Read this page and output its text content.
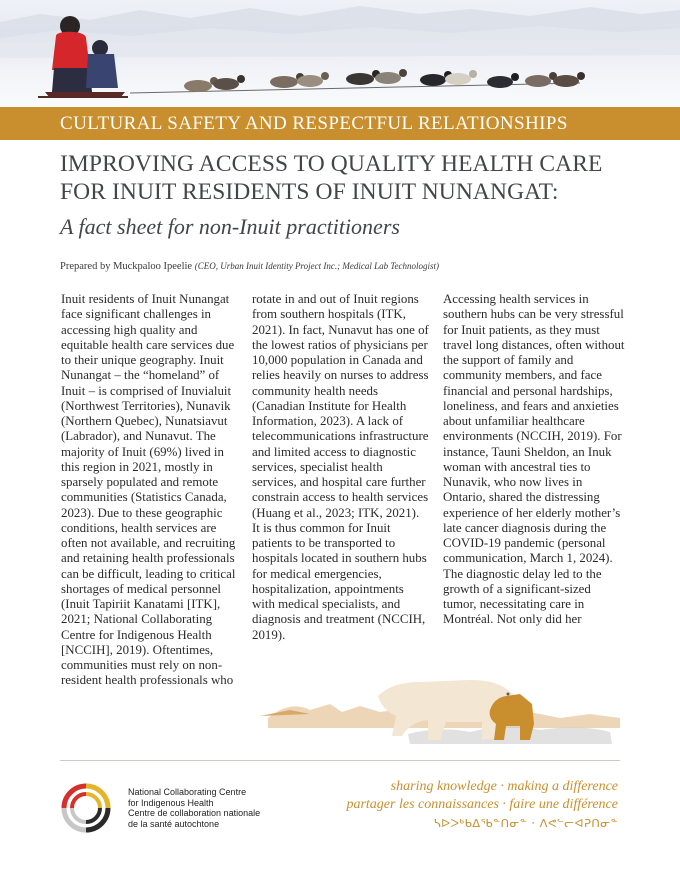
CULTURAL SAFETY AND RESPECTFUL RELATIONSHIPS
IMPROVING ACCESS TO QUALITY HEALTH CARE
FOR INUIT RESIDENTS OF INUIT NUNANGAT:
A fact sheet for non-Inuit practitioners
Prepared by Muckpaloo Ipeelie (CEO, Urban Inuit Identity Project Inc.; Medical Lab Technologist)

Inuit residents of Inuit Nunangat face significant challenges in accessing high quality and equitable health care services due to their unique geography. Inuit Nunangat – the “homeland” of Inuit – is comprised of Inuvialuit (Northwest Territories), Nunavik (Northern Quebec), Nunatsiavut (Labrador), and Nunavut. The majority of Inuit (69%) lived in this region in 2021, mostly in sparsely populated and remote communities (Statistics Canada, 2023). Due to these geographic conditions, health services are often not available, and recruiting and retaining health professionals can be difficult, leading to critical shortages of medical personnel (Inuit Tapiriit Kanatami [ITK], 2021; National Collaborating Centre for Indigenous Health [NCCIH], 2019). Oftentimes, communities must rely on non-resident health professionals who

rotate in and out of Inuit regions from southern hospitals (ITK, 2021). In fact, Nunavut has one of the lowest ratios of physicians per 10,000 population in Canada and relies heavily on nurses to address community health needs (Canadian Institute for Health Information, 2023). A lack of telecommunications infrastructure and limited access to diagnostic services, specialist health services, and hospital care further constrain access to health services (Huang et al., 2023; ITK, 2021). It is thus common for Inuit patients to be transported to hospitals located in southern hubs for medical emergencies, hospitalization, appointments with medical specialists, and diagnosis and treatment (NCCIH, 2019).

Accessing health services in southern hubs can be very stressful for Inuit patients, as they must travel long distances, often without the support of family and community members, and face financial and personal hardships, loneliness, and fears and anxieties about unfamiliar healthcare environments (NCCIH, 2019). For instance, Tauni Sheldon, an Inuk woman with ancestral ties to Nunavik, who now lives in Ontario, shared the distressing experience of her elderly mother’s late cancer diagnosis during the COVID-19 pandemic (personal communication, March 1, 2024). The diagnostic delay led to the growth of a significant-sized tumor, necessitating care in Montréal. Not only did her

National Collaborating Centre
for Indigenous Health
Centre de collaboration nationale
de la santé autochtone
sharing knowledge · making a difference
partager les connaissances · faire une différence
ᓴᐅᐳᒃᑲᐃᖃᓐᑎᓂᓐ · ᐱᕙᓪᓕᐊᕈᑎᓂᓐ
